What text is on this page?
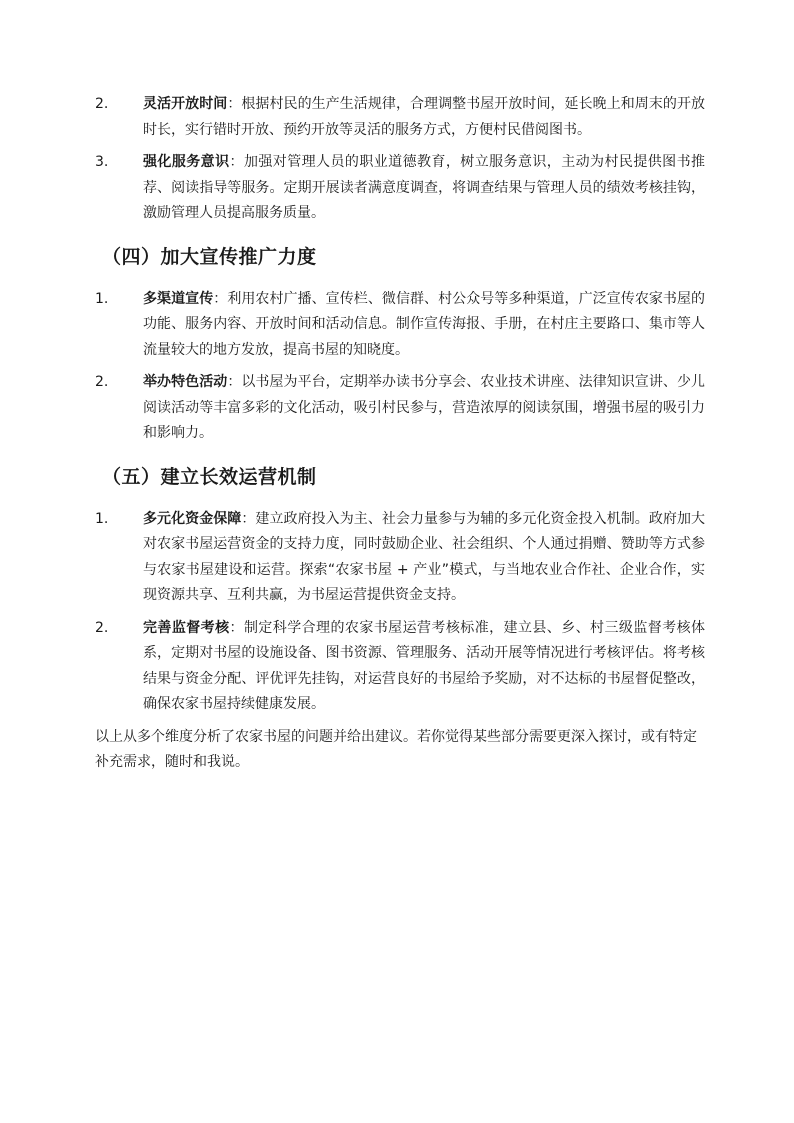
2.	灵活开放时间：根据村民的生产生活规律，合理调整书屋开放时间，延长晚上和周末的开放时长，实行错时开放、预约开放等灵活的服务方式，方便村民借阅图书。
3.	强化服务意识：加强对管理人员的职业道德教育，树立服务意识，主动为村民提供图书推荐、阅读指导等服务。定期开展读者满意度调查，将调查结果与管理人员的绩效考核挂钩，激励管理人员提高服务质量。
（四）加大宣传推广力度
1.	多渠道宣传：利用农村广播、宣传栏、微信群、村公众号等多种渠道，广泛宣传农家书屋的功能、服务内容、开放时间和活动信息。制作宣传海报、手册，在村庄主要路口、集市等人流量较大的地方发放，提高书屋的知晓度。
2.	举办特色活动：以书屋为平台，定期举办读书分享会、农业技术讲座、法律知识宣讲、少儿阅读活动等丰富多彩的文化活动，吸引村民参与，营造浓厚的阅读氛围，增强书屋的吸引力和影响力。
（五）建立长效运营机制
1.	多元化资金保障：建立政府投入为主、社会力量参与为辅的多元化资金投入机制。政府加大对农家书屋运营资金的支持力度，同时鼓励企业、社会组织、个人通过捐赠、赞助等方式参与农家书屋建设和运营。探索“农家书屋 + 产业”模式，与当地农业合作社、企业合作，实现资源共享、互利共赢，为书屋运营提供资金支持。
2.	完善监督考核：制定科学合理的农家书屋运营考核标准，建立县、乡、村三级监督考核体系，定期对书屋的设施设备、图书资源、管理服务、活动开展等情况进行考核评估。将考核结果与资金分配、评优评先挂钩，对运营良好的书屋给予奖励，对不达标的书屋督促整改，确保农家书屋持续健康发展。

以上从多个维度分析了农家书屋的问题并给出建议。若你觉得某些部分需要更深入探讨，或有特定补充需求，随时和我说。
